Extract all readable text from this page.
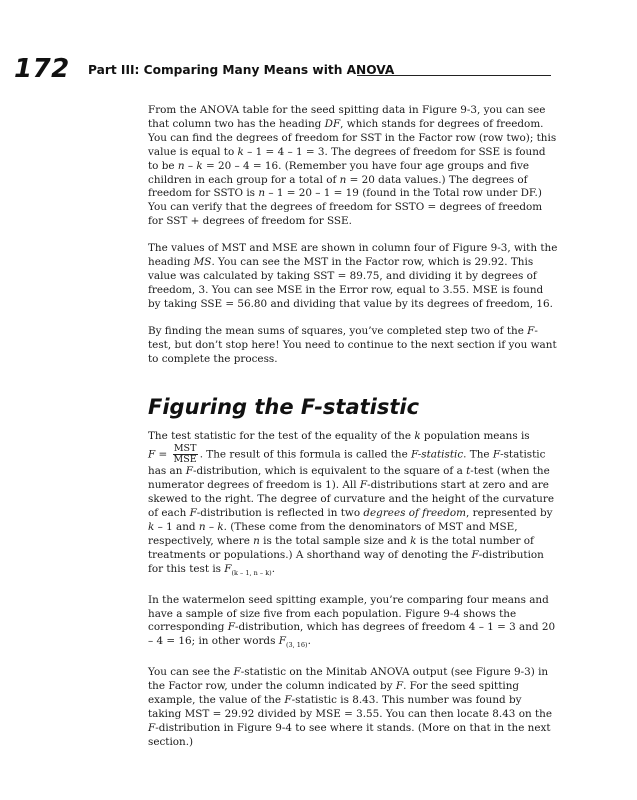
172 Part III: Comparing Many Means with ANOVA

From the ANOVA table for the seed spitting data in Figure 9-3, you can see that column two has the heading DF, which stands for degrees of freedom. You can find the degrees of freedom for SST in the Factor row (row two); this value is equal to k – 1 = 4 – 1 = 3. The degrees of freedom for SSE is found to be n – k = 20 – 4 = 16. (Remember you have four age groups and five children in each group for a total of n = 20 data values.) The degrees of freedom for SSTO is n – 1 = 20 – 1 = 19 (found in the Total row under DF.) You can verify that the degrees of freedom for SSTO = degrees of freedom for SST + degrees of freedom for SSE.

The values of MST and MSE are shown in column four of Figure 9-3, with the heading MS. You can see the MST in the Factor row, which is 29.92. This value was calculated by taking SST = 89.75, and dividing it by degrees of freedom, 3. You can see MSE in the Error row, equal to 3.55. MSE is found by taking SSE = 56.80 and dividing that value by its degrees of freedom, 16.

By finding the mean sums of squares, you’ve completed step two of the F-test, but don’t stop here! You need to continue to the next section if you want to complete the process.

Figuring the F-statistic

The test statistic for the test of the equality of the k population means is
$F = \frac{\text{MST}}{\text{MSE}}$ . The result of this formula is called the F-statistic. The F-statistic has an F-distribution, which is equivalent to the square of a t-test (when the numerator degrees of freedom is 1). All F-distributions start at zero and are skewed to the right. The degree of curvature and the height of the curvature of each F-distribution is reflected in two degrees of freedom, represented by k – 1 and n – k. (These come from the denominators of MST and MSE, respectively, where n is the total sample size and k is the total number of treatments or populations.) A shorthand way of denoting the F-distribution for this test is $F_{(k - 1, n - k)}$.

In the watermelon seed spitting example, you’re comparing four means and have a sample of size five from each population. Figure 9-4 shows the corresponding F-distribution, which has degrees of freedom 4 – 1 = 3 and 20 – 4 = 16; in other words $F_{(3, 16)}$.

You can see the F-statistic on the Minitab ANOVA output (see Figure 9-3) in the Factor row, under the column indicated by F. For the seed spitting example, the value of the F-statistic is 8.43. This number was found by taking MST = 29.92 divided by MSE = 3.55. You can then locate 8.43 on the F-distribution in Figure 9-4 to see where it stands. (More on that in the next section.)
